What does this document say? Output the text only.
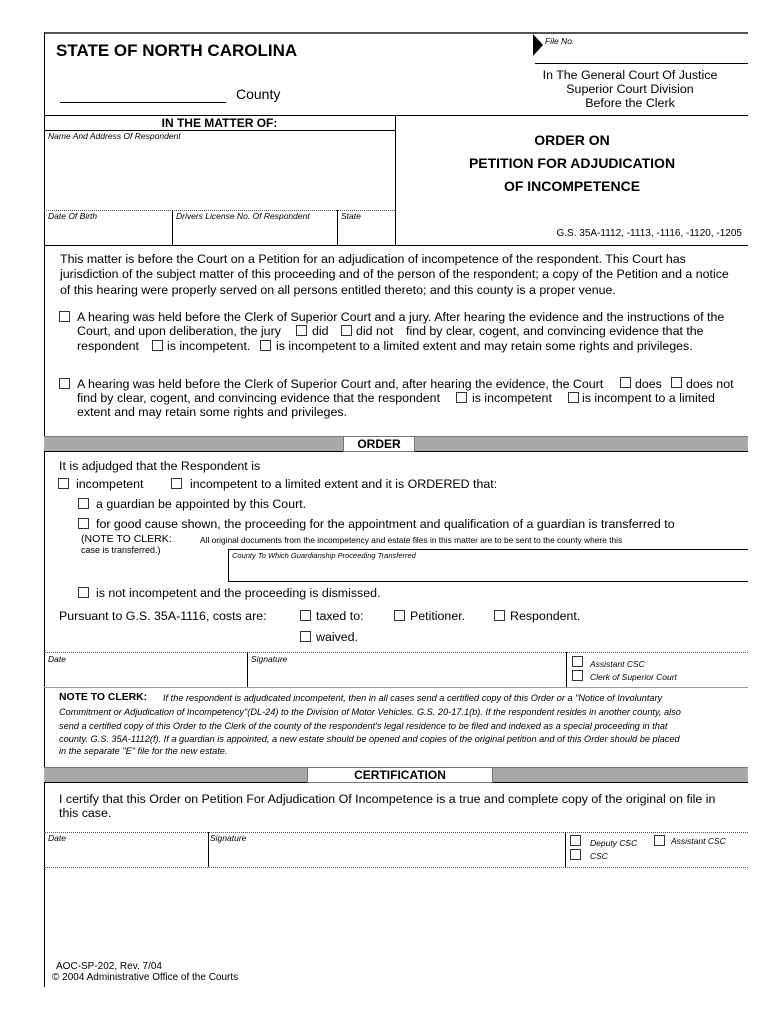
STATE OF NORTH CAROLINA	File No.
In The General Court Of Justice
Superior Court Division
Before the Clerk
County
IN THE MATTER OF:
Name And Address Of Respondent
Date Of Birth	Drivers License No. Of Respondent	State
ORDER ON
PETITION FOR ADJUDICATION
OF INCOMPETENCE
G.S. 35A-1112, -1113, -1116, -1120, -1205
This matter is before the Court on a Petition for an adjudication of incompetence of the respondent. This Court has
jurisdiction of the subject matter of this proceeding and of the person of the respondent; a copy of the Petition and a notice
of this hearing were properly served on all persons entitled thereto; and this county is a proper venue.
A hearing was held before the Clerk of Superior Court and a jury. After hearing the evidence and the instructions of the
Court, and upon deliberation, the jury	did did not find by clear, cogent, and convincing evidence that the
respondent is incompetent. is incompetent to a limited extent and may retain some rights and privileges.
A hearing was held before the Clerk of Superior Court and, after hearing the evidence, the Court	does does not
find by clear, cogent, and convincing evidence that the respondent	is incompetent is incompent to a limited
extent and may retain some rights and privileges.
ORDER
It is adjudged that the Respondent is
incompetent	incompetent to a limited extent and it is ORDERED that:
a guardian be appointed by this Court.
for good cause shown, the proceeding for the appointment and qualification of a guardian is transferred to
(NOTE TO CLERK:	All original documents from the incompetency and estate files in this matter are to be sent to the county where this
case is transferred.)
County To Which Guardianship Proceeding Transferred
is not incompetent and the proceeding is dismissed.
Pursuant to G.S. 35A-1116, costs are:	taxed to:	Petitioner.	Respondent.
waived.
Date	Signature	Assistant CSC
Clerk of Superior Court
NOTE TO CLERK: If the respondent is adjudicated incompetent, then in all cases send a certified copy of this Order or a "Notice of Involuntary
Commitment or Adjudication of Incompetency"(DL-24) to the Division of Motor Vehicles. G.S. 20-17.1(b). If the respondent resides in another county, also
send a certified copy of this Order to the Clerk of the county of the respondent's legal residence to be filed and indexed as a special proceeding in that
county. G.S. 35A-1112(f). If a guardian is appointed, a new estate should be opened and copies of the original petition and of this Order should be placed
in the separate "E" file for the new estate.
CERTIFICATION
I certify that this Order on Petition For Adjudication Of Incompetence is a true and complete copy of the original on file in
this case.
Date	Signature	Deputy CSC	Assistant CSC
CSC
AOC-SP-202, Rev. 7/04
© 2004 Administrative Office of the Courts
